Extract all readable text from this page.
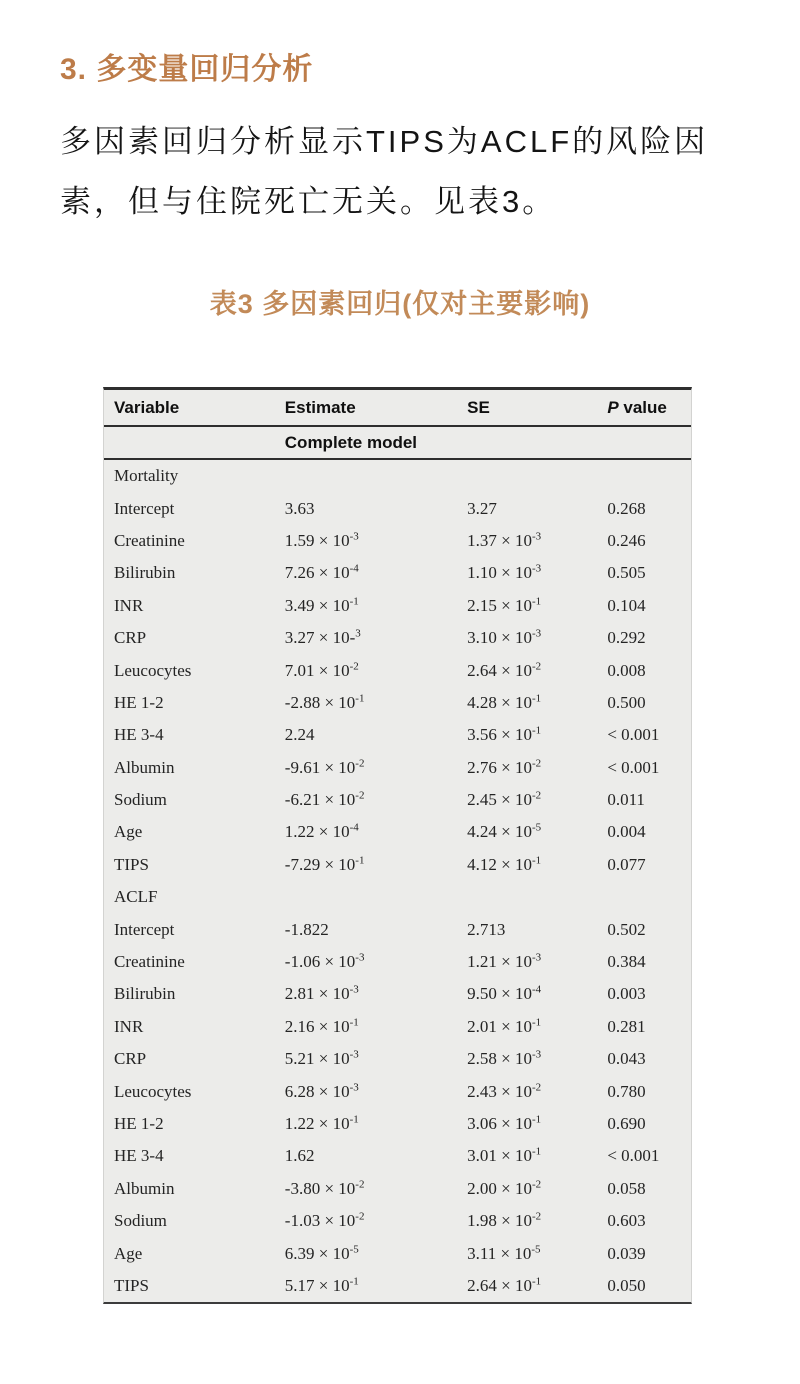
3. 多变量回归分析
多因素回归分析显示TIPS为ACLF的风险因
素，但与住院死亡无关。见表3。
表3 多因素回归(仅对主要影响)
Variable	Estimate	SE	P value
Complete model
Mortality
Intercept	3.63	3.27	0.268
Creatinine	$1.59 \times 10^{-3}$	$1.37 \times 10^{-3}$	0.246
Bilirubin	$7.26 \times 10^{-4}$	$1.10 \times 10^{-3}$	0.505
INR	$3.49 \times 10^{-1}$	$2.15 \times 10^{-1}$	0.104
CRP	3.27 × 10-$^3$	$3.10 \times 10^{-3}$	0.292
Leucocytes	$7.01 \times 10^{-2}$	$2.64 \times 10^{-2}$	0.008
HE 1-2	$-2.88 \times 10^{-1}$	$4.28 \times 10^{-1}$	0.500
HE 3-4	2.24	$3.56 \times 10^{-1}$	< 0.001
Albumin	$-9.61 \times 10^{-2}$	$2.76 \times 10^{-2}$	< 0.001
Sodium	$-6.21 \times 10^{-2}$	$2.45 \times 10^{-2}$	0.011
Age	$1.22 \times 10^{-4}$	$4.24 \times 10^{-5}$	0.004
TIPS	$-7.29 \times 10^{-1}$	$4.12 \times 10^{-1}$	0.077
ACLF
Intercept	-1.822	2.713	0.502
Creatinine	$-1.06 \times 10^{-3}$	$1.21 \times 10^{-3}$	0.384
Bilirubin	$2.81 \times 10^{-3}$	$9.50 \times 10^{-4}$	0.003
INR	$2.16 \times 10^{-1}$	$2.01 \times 10^{-1}$	0.281
CRP	$5.21 \times 10^{-3}$	$2.58 \times 10^{-3}$	0.043
Leucocytes	$6.28 \times 10^{-3}$	$2.43 \times 10^{-2}$	0.780
HE 1-2	$1.22 \times 10^{-1}$	$3.06 \times 10^{-1}$	0.690
HE 3-4	1.62	$3.01 \times 10^{-1}$	< 0.001
Albumin	$-3.80 \times 10^{-2}$	$2.00 \times 10^{-2}$	0.058
Sodium	$-1.03 \times 10^{-2}$	$1.98 \times 10^{-2}$	0.603
Age	$6.39 \times 10^{-5}$	$3.11 \times 10^{-5}$	0.039
TIPS	$5.17 \times 10^{-1}$	$2.64 \times 10^{-1}$	0.050
